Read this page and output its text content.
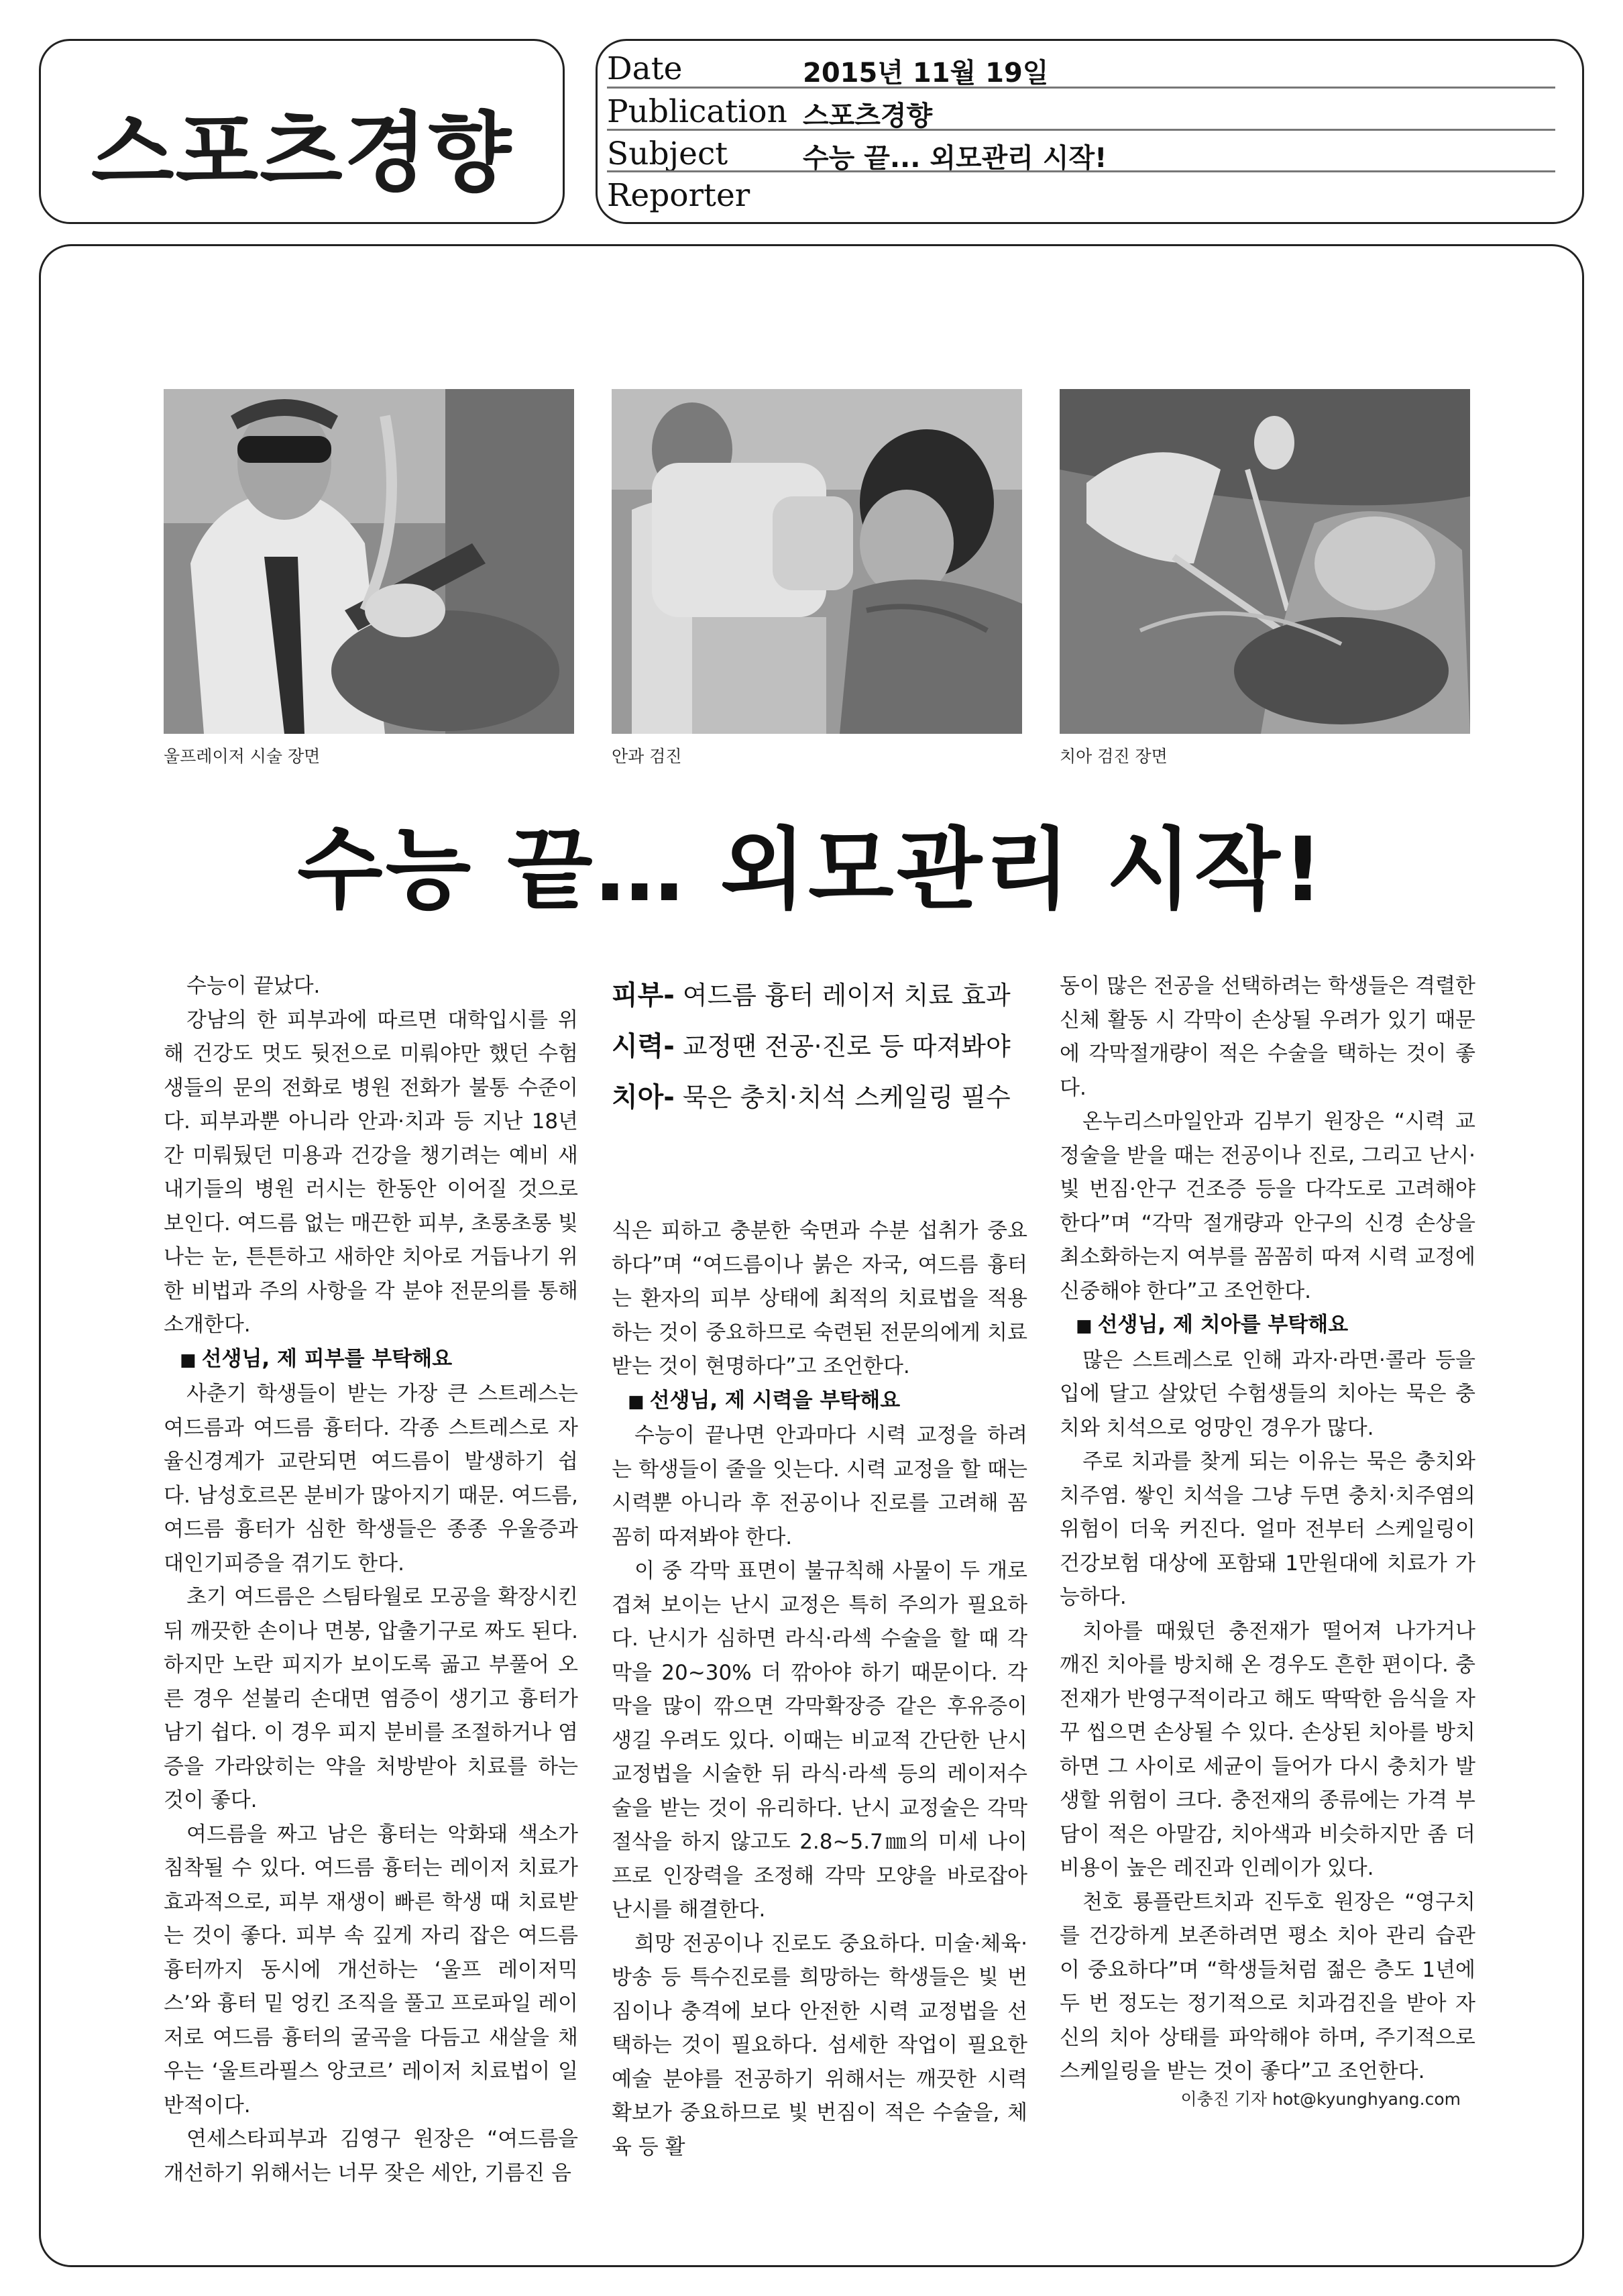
스포츠경향
Date	2015년 11월 19일
Publication 스포츠경향
Subject	수능 끝... 외모관리 시작!
Reporter
울프레이저 시술 장면	안과 검진	치아 검진 장면
수능 끝… 외모관리 시작!
피부- 여드름 흉터 레이저 치료 효과
시력- 교정땐 전공·진로 등 따져봐야
치아- 묵은 충치·치석 스케일링 필수

수능이 끝났다.

강남의 한 피부과에 따르면 대학입시를 위해 건강도 멋도 뒷전으로 미뤄야만 했던 수험생들의 문의 전화로 병원 전화가 불통 수준이다. 피부과뿐 아니라 안과·치과 등 지난 18년간 미뤄뒀던 미용과 건강을 챙기려는 예비 새내기들의 병원 러시는 한동안 이어질 것으로 보인다. 여드름 없는 매끈한 피부, 초롱초롱 빛나는 눈, 튼튼하고 새하얀 치아로 거듭나기 위한 비법과 주의 사항을 각 분야 전문의를 통해 소개한다.

■ 선생님, 제 피부를 부탁해요

사춘기 학생들이 받는 가장 큰 스트레스는 여드름과 여드름 흉터다. 각종 스트레스로 자율신경계가 교란되면 여드름이 발생하기 쉽다. 남성호르몬 분비가 많아지기 때문. 여드름, 여드름 흉터가 심한 학생들은 종종 우울증과 대인기피증을 겪기도 한다.

초기 여드름은 스팀타월로 모공을 확장시킨 뒤 깨끗한 손이나 면봉, 압출기구로 짜도 된다. 하지만 노란 피지가 보이도록 곪고 부풀어 오른 경우 섣불리 손대면 염증이 생기고 흉터가 남기 쉽다. 이 경우 피지 분비를 조절하거나 염증을 가라앉히는 약을 처방받아 치료를 하는 것이 좋다.

여드름을 짜고 남은 흉터는 악화돼 색소가 침착될 수 있다. 여드름 흉터는 레이저 치료가 효과적으로, 피부 재생이 빠른 학생 때 치료받는 것이 좋다. 피부 속 깊게 자리 잡은 여드름 흉터까지 동시에 개선하는 ‘울프 레이저믹스’와 흉터 밑 엉킨 조직을 풀고 프로파일 레이저로 여드름 흉터의 굴곡을 다듬고 새살을 채우는 ‘울트라필스 앙코르’ 레이저 치료법이 일반적이다.

연세스타피부과 김영구 원장은 “여드름을 개선하기 위해서는 너무 잦은 세안, 기름진 음

식은 피하고 충분한 숙면과 수분 섭취가 중요하다”며 “여드름이나 붉은 자국, 여드름 흉터는 환자의 피부 상태에 최적의 치료법을 적용하는 것이 중요하므로 숙련된 전문의에게 치료받는 것이 현명하다”고 조언한다.

■ 선생님, 제 시력을 부탁해요

수능이 끝나면 안과마다 시력 교정을 하려는 학생들이 줄을 잇는다. 시력 교정을 할 때는 시력뿐 아니라 후 전공이나 진로를 고려해 꼼꼼히 따져봐야 한다.

이 중 각막 표면이 불규칙해 사물이 두 개로 겹쳐 보이는 난시 교정은 특히 주의가 필요하다. 난시가 심하면 라식·라섹 수술을 할 때 각막을 20~30% 더 깎아야 하기 때문이다. 각막을 많이 깎으면 각막확장증 같은 후유증이 생길 우려도 있다. 이때는 비교적 간단한 난시 교정법을 시술한 뒤 라식·라섹 등의 레이저수술을 받는 것이 유리하다. 난시 교정술은 각막절삭을 하지 않고도 2.8~5.7㎜의 미세 나이프로 인장력을 조정해 각막 모양을 바로잡아 난시를 해결한다.

희망 전공이나 진로도 중요하다. 미술·체육·방송 등 특수진로를 희망하는 학생들은 빛 번짐이나 충격에 보다 안전한 시력 교정법을 선택하는 것이 필요하다. 섬세한 작업이 필요한 예술 분야를 전공하기 위해서는 깨끗한 시력 확보가 중요하므로 빛 번짐이 적은 수술을, 체육 등 활

동이 많은 전공을 선택하려는 학생들은 격렬한 신체 활동 시 각막이 손상될 우려가 있기 때문에 각막절개량이 적은 수술을 택하는 것이 좋다.

온누리스마일안과 김부기 원장은 “시력 교정술을 받을 때는 전공이나 진로, 그리고 난시·빛 번짐·안구 건조증 등을 다각도로 고려해야 한다”며 “각막 절개량과 안구의 신경 손상을 최소화하는지 여부를 꼼꼼히 따져 시력 교정에 신중해야 한다”고 조언한다.

■ 선생님, 제 치아를 부탁해요

많은 스트레스로 인해 과자·라면·콜라 등을 입에 달고 살았던 수험생들의 치아는 묵은 충치와 치석으로 엉망인 경우가 많다.

주로 치과를 찾게 되는 이유는 묵은 충치와 치주염. 쌓인 치석을 그냥 두면 충치·치주염의 위험이 더욱 커진다. 얼마 전부터 스케일링이 건강보험 대상에 포함돼 1만원대에 치료가 가능하다.

치아를 때웠던 충전재가 떨어져 나가거나 깨진 치아를 방치해 온 경우도 흔한 편이다. 충전재가 반영구적이라고 해도 딱딱한 음식을 자꾸 씹으면 손상될 수 있다. 손상된 치아를 방치하면 그 사이로 세균이 들어가 다시 충치가 발생할 위험이 크다. 충전재의 종류에는 가격 부담이 적은 아말감, 치아색과 비슷하지만 좀 더 비용이 높은 레진과 인레이가 있다.

천호 룡플란트치과 진두호 원장은 “영구치를 건강하게 보존하려면 평소 치아 관리 습관이 중요하다”며 “학생들처럼 젊은 층도 1년에 두 번 정도는 정기적으로 치과검진을 받아 자신의 치아 상태를 파악해야 하며, 주기적으로 스케일링을 받는 것이 좋다”고 조언한다.

이충진 기자 hot@kyunghyang.com
